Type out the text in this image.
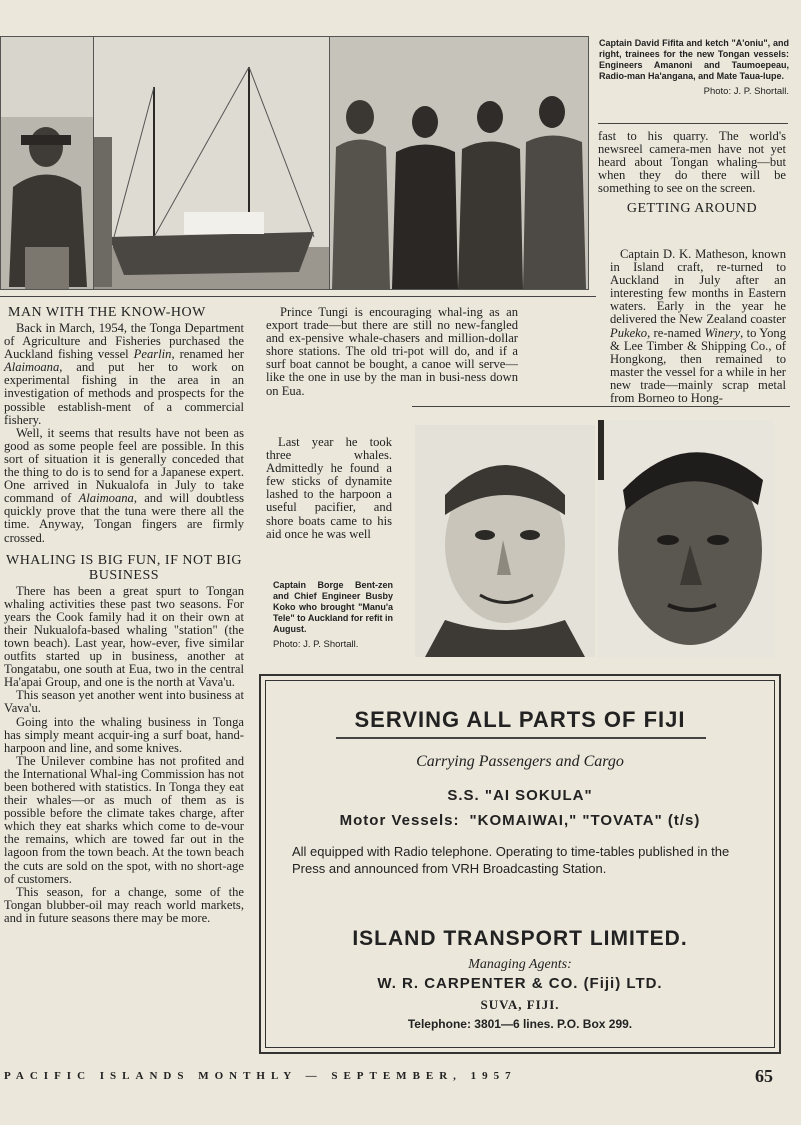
Captain David Fifita and ketch "A'oniu", and right, trainees for the new Tongan vessels: Engineers Amanoni and Taumoepeau, Radio-man Ha'angana, and Mate Taua-lupe.
Photo: J. P. Shortall.

fast to his quarry. The world's newsreel camera-men have not yet heard about Tongan whaling—but when they do there will be something to see on the screen.

GETTING AROUND

Captain D. K. Matheson, known in Island craft, re-turned to Auckland in July after an interesting few months in Eastern waters. Early in the year he delivered the New Zealand coaster Pukeko, re-named Winery, to Yong & Lee Timber & Shipping Co., of Hongkong, then remained to master the vessel for a while in her new trade—mainly scrap metal from Borneo to Hong-

MAN WITH THE KNOW-HOW

Back in March, 1954, the Tonga Department of Agriculture and Fisheries purchased the Auckland fishing vessel Pearlin, renamed her Alaimoana, and put her to work on experimental fishing in the area in an investigation of methods and prospects for the possible establish-ment of a commercial fishery.

Well, it seems that results have not been as good as some people feel are possible. In this sort of situation it is generally conceded that the thing to do is to send for a Japanese expert. One arrived in Nukualofa in July to take command of Alaimoana, and will doubtless quickly prove that the tuna were there all the time. Anyway, Tongan fingers are firmly crossed.

WHALING IS BIG FUN, IF NOT BIG BUSINESS

There has been a great spurt to Tongan whaling activities these past two seasons. For years the Cook family had it on their own at their Nukualofa-based whaling "station" (the town beach). Last year, how-ever, five similar outfits started up in business, another at Tongatabu, one south at Eua, two in the central Ha'apai Group, and one is the north at Vava'u.

This season yet another went into business at Vava'u.

Going into the whaling business in Tonga has simply meant acquir-ing a surf boat, hand-harpoon and line, and some knives.

The Unilever combine has not profited and the International Whal-ing Commission has not been bothered with statistics. In Tonga they eat their whales—or as much of them as is possible before the climate takes charge, after which they eat sharks which come to de-vour the remains, which are towed far out in the lagoon from the town beach. At the town beach the cuts are sold on the spot, with no short-age of customers.

This season, for a change, some of the Tongan blubber-oil may reach world markets, and in future seasons there may be more.

Prince Tungi is encouraging whal-ing as an export trade—but there are still no new-fangled and ex-pensive whale-chasers and million-dollar shore stations. The old tri-pot will do, and if a surf boat cannot be bought, a canoe will serve—like the one in use by the man in busi-ness down on Eua.

Last year he took three whales. Admittedly he found a few sticks of dynamite lashed to the harpoon a useful pacifier, and shore boats came to his aid once he was well

Captain Borge Bent-zen and Chief Engineer Busby Koko who brought "Manu'a Tele" to Auckland for refit in August.
Photo: J. P. Shortall.
SERVING ALL PARTS OF FIJI
Carrying Passengers and Cargo
S.S. "AI SOKULA"
Motor Vessels: "KOMAIWAI," "TOVATA" (t/s)
All equipped with Radio telephone. Operating to time-tables published in the Press and announced from VRH Broadcasting Station.
ISLAND TRANSPORT LIMITED.
Managing Agents:
W. R. CARPENTER & CO. (Fiji) LTD.
SUVA, FIJI.
Telephone: 3801—6 lines. P.O. Box 299.
PACIFIC ISLANDS MONTHLY — SEPTEMBER, 1957	65
